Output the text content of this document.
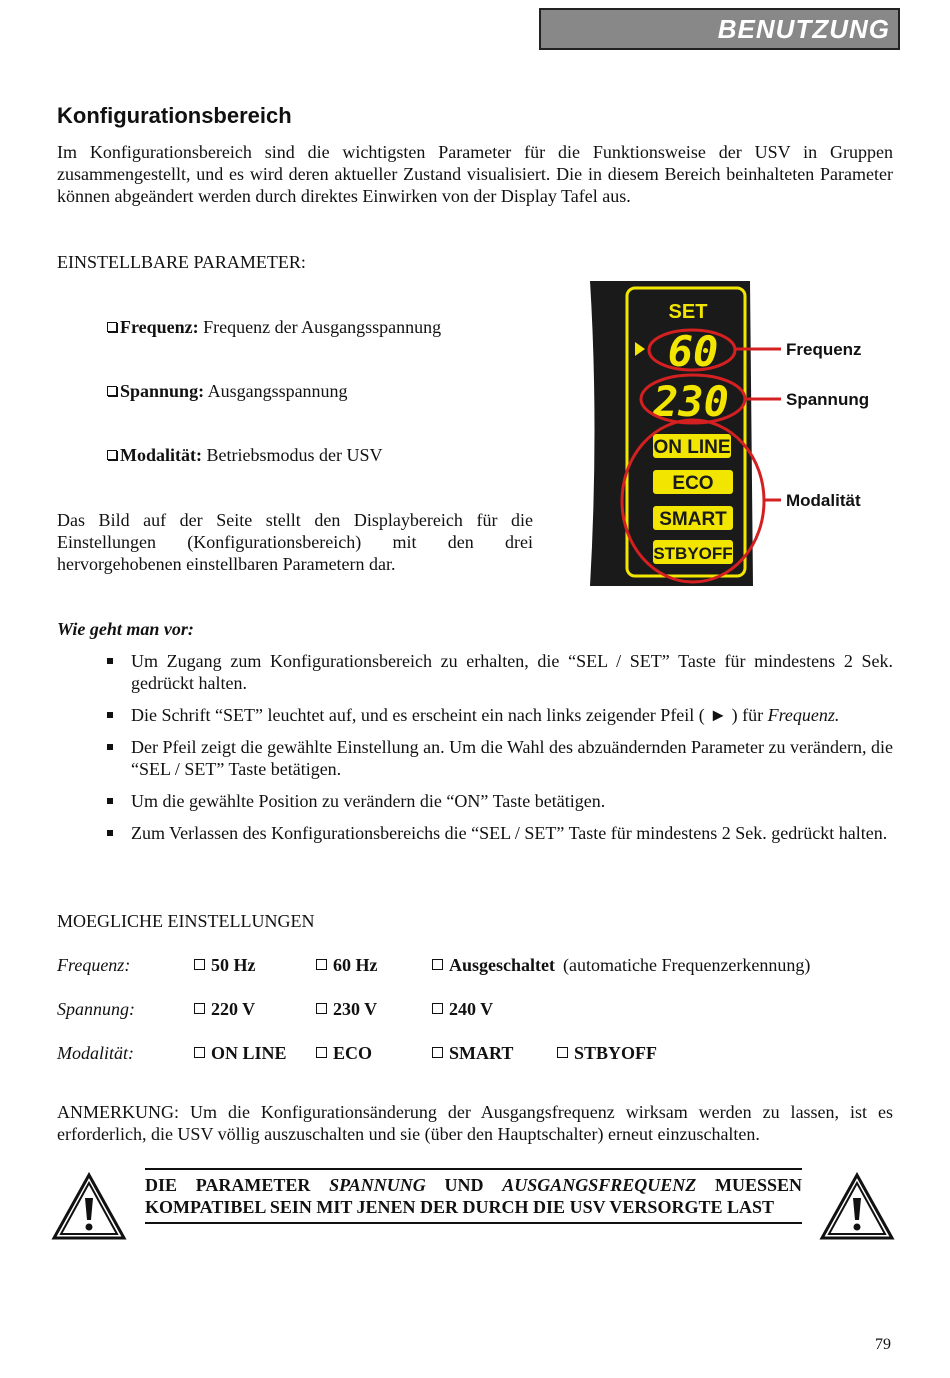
BENUTZUNG
Konfigurationsbereich
Im Konfigurationsbereich sind die wichtigsten Parameter für die Funktionsweise der USV in Gruppen zusammengestellt, und es wird deren aktueller Zustand visualisiert. Die in diesem Bereich beinhalteten Parameter können abgeändert werden durch direktes Einwirken von der Display Tafel aus.
EINSTELLBARE PARAMETER:
Frequenz: Frequenz der Ausgangsspannung
Spannung: Ausgangsspannung
Modalität: Betriebsmodus der USV
Das Bild auf der Seite stellt den Displaybereich für die Einstellungen (Konfigurationsbereich) mit den drei hervorgehobenen einstellbaren Parametern dar.
SET
60
230
ON LINE
ECO
SMART
STBYOFF
Frequenz
Spannung
Modalität
Wie geht man vor:
Um Zugang zum Konfigurationsbereich zu erhalten, die “SEL / SET” Taste für mindestens 2 Sek. gedrückt halten.
Die Schrift “SET” leuchtet auf, und es erscheint ein nach links zeigender Pfeil ( ► ) für Frequenz.
Der Pfeil zeigt die gewählte Einstellung an. Um die Wahl des abzuändernden Parameter zu verändern, die “SEL / SET” Taste betätigen.
Um die gewählte Position zu verändern die “ON” Taste betätigen.
Zum Verlassen des Konfigurationsbereichs die “SEL / SET” Taste für mindestens 2 Sek. gedrückt halten.
MOEGLICHE EINSTELLUNGEN
Frequenz:	50 Hz	60 Hz	Ausgeschaltet (automatiche Frequenzerkennung)
Spannung:	220 V	230 V	240 V
Modalität:	ON LINE	ECO	SMART	STBYOFF
ANMERKUNG: Um die Konfigurationsänderung der Ausgangsfrequenz wirksam werden zu lassen, ist es erforderlich, die USV völlig auszuschalten und sie (über den Hauptschalter) erneut einzuschalten.
DIE PARAMETER SPANNUNG UND AUSGANGSFREQUENZ MUESSEN KOMPATIBEL SEIN MIT JENEN DER DURCH DIE USV VERSORGTE LAST
79
